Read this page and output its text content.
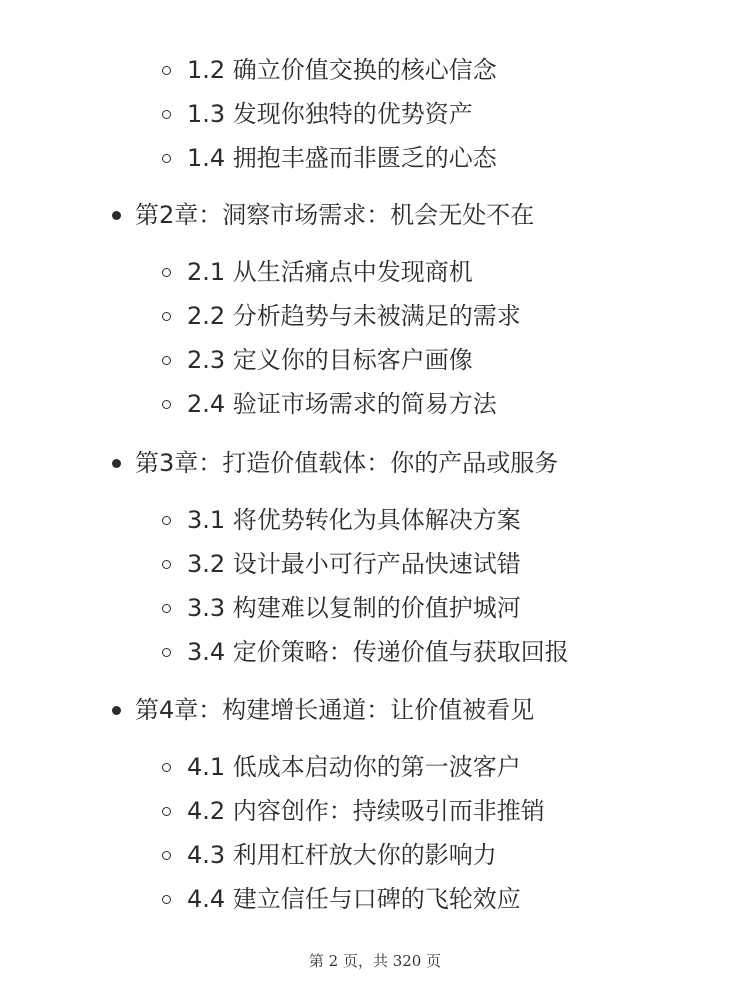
1.2 确立价值交换的核心信念
1.3 发现你独特的优势资产
1.4 拥抱丰盛而非匮乏的心态
第2章：洞察市场需求：机会无处不在
2.1 从生活痛点中发现商机
2.2 分析趋势与未被满足的需求
2.3 定义你的目标客户画像
2.4 验证市场需求的简易方法
第3章：打造价值载体：你的产品或服务
3.1 将优势转化为具体解决方案
3.2 设计最小可行产品快速试错
3.3 构建难以复制的价值护城河
3.4 定价策略：传递价值与获取回报
第4章：构建增长通道：让价值被看见
4.1 低成本启动你的第一波客户
4.2 内容创作：持续吸引而非推销
4.3 利用杠杆放大你的影响力
4.4 建立信任与口碑的飞轮效应
第 2 页，共 320 页
